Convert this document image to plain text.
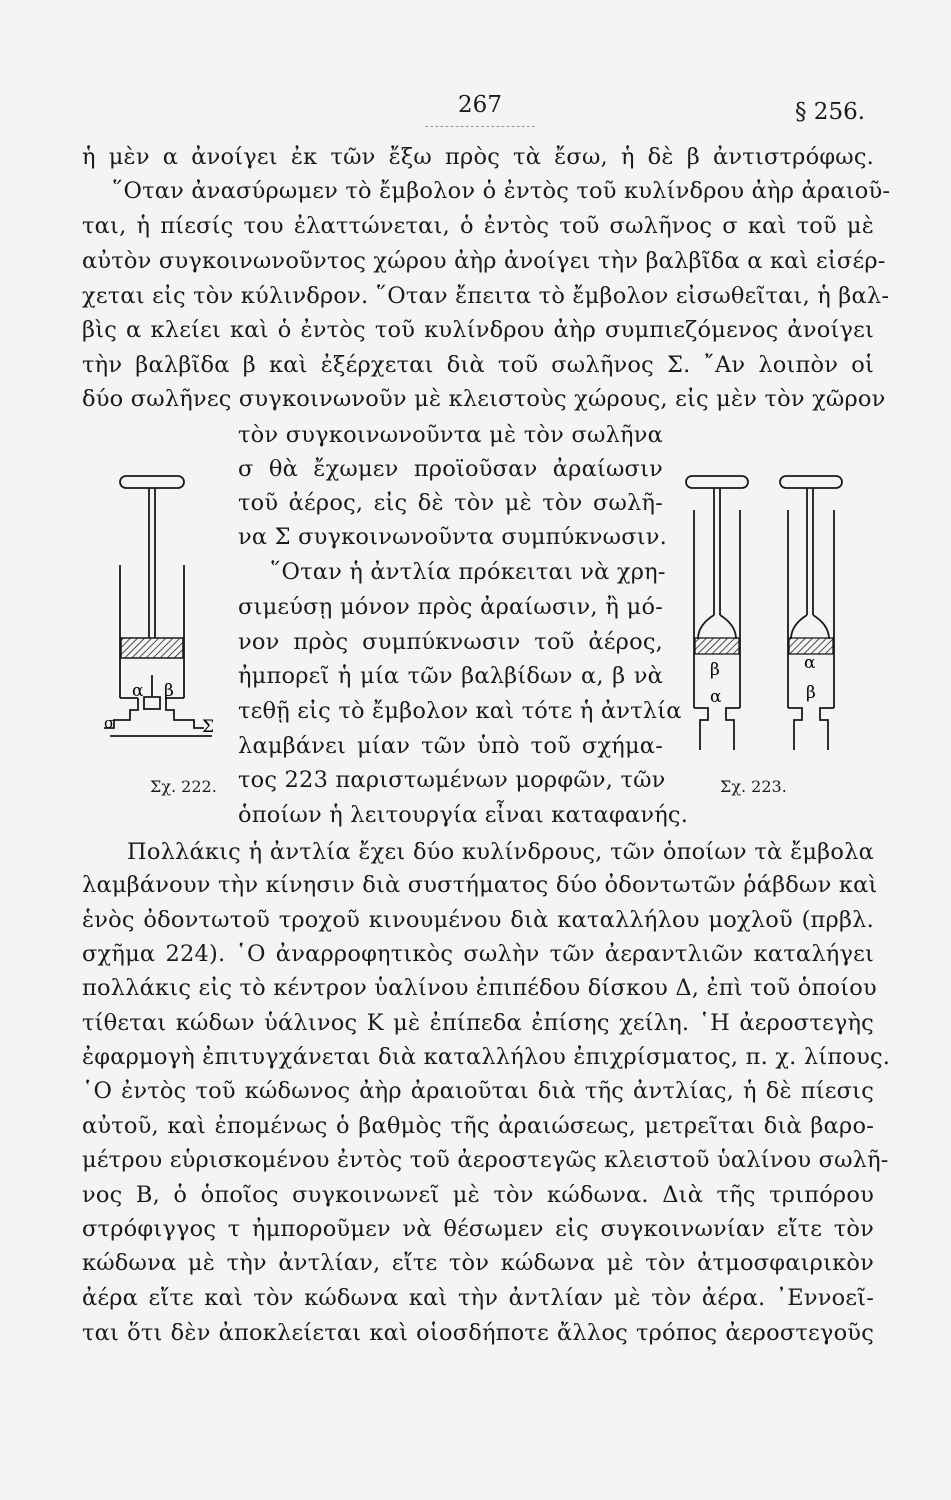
267	§ 256.
ἡ μὲν α ἀνοίγει ἐκ τῶν ἔξω πρὸς τὰ ἔσω, ἡ δὲ β ἀντιστρόφως.
῞Οταν ἀνασύρωμεν τὸ ἔμβολον ὁ ἐντὸς τοῦ κυλίνδρου ἀὴρ ἀραιοῦ-
ται, ἡ πίεσίς του ἐλαττώνεται, ὁ ἐντὸς τοῦ σωλῆνος σ καὶ τοῦ μὲ
αὐτὸν συγκοινωνοῦντος χώρου ἀὴρ ἀνοίγει τὴν βαλβῖδα α καὶ εἰσέρ-
χεται εἰς τὸν κύλινδρον. ῞Οταν ἔπειτα τὸ ἔμβολον εἰσωθεῖται, ἡ βαλ-
βὶς α κλείει καὶ ὁ ἐντὸς τοῦ κυλίνδρου ἀὴρ συμπιεζόμενος ἀνοίγει
τὴν βαλβῖδα β καὶ ἐξέρχεται διὰ τοῦ σωλῆνος Σ. ῎Αν λοιπὸν οἱ
δύο σωλῆνες συγκοινωνοῦν μὲ κλειστοὺς χώρους, εἰς μὲν τὸν χῶρον
τὸν συγκοινωνοῦντα μὲ τὸν σωλῆνα
σ θὰ ἔχωμεν προϊοῦσαν ἀραίωσιν
τοῦ ἀέρος, εἰς δὲ τὸν μὲ τὸν σωλῆ-
να Σ συγκοινωνοῦντα συμπύκνωσιν.
῞Οταν ἡ ἀντλία πρόκειται νὰ χρη-
σιμεύσῃ μόνον πρὸς ἀραίωσιν, ἢ μό-
νον πρὸς συμπύκνωσιν τοῦ ἀέρος,
ἠμπορεῖ ἡ μία τῶν βαλβίδων α, β νὰ
τεθῇ εἰς τὸ ἔμβολον καὶ τότε ἡ ἀντλία
λαμβάνει μίαν τῶν ὑπὸ τοῦ σχήμα-
τος 223 παριστωμένων μορφῶν, τῶν
ὁποίων ἡ λειτουργία εἶναι καταφανής.
Πολλάκις ἡ ἀντλία ἔχει δύο κυλίνδρους, τῶν ὁποίων τὰ ἔμβολα
λαμβάνουν τὴν κίνησιν διὰ συστήματος δύο ὀδοντωτῶν ῥάβδων καὶ
ἑνὸς ὀδοντωτοῦ τροχοῦ κινουμένου διὰ καταλλήλου μοχλοῦ (πρβλ.
σχῆμα 224). ῾Ο ἀναρροφητικὸς σωλὴν τῶν ἀεραντλιῶν καταλήγει
πολλάκις εἰς τὸ κέντρον ὑαλίνου ἐπιπέδου δίσκου Δ, ἐπὶ τοῦ ὁποίου
τίθεται κώδων ὑάλινος Κ μὲ ἐπίπεδα ἐπίσης χείλη. ῾Η ἀεροστεγὴς
ἐφαρμογὴ ἐπιτυγχάνεται διὰ καταλλήλου ἐπιχρίσματος, π. χ. λίπους.
῾Ο ἐντὸς τοῦ κώδωνος ἀὴρ ἀραιοῦται διὰ τῆς ἀντλίας, ἡ δὲ πίεσις
αὐτοῦ, καὶ ἐπομένως ὁ βαθμὸς τῆς ἀραιώσεως, μετρεῖται διὰ βαρο-
μέτρου εὑρισκομένου ἐντὸς τοῦ ἀεροστεγῶς κλειστοῦ ὑαλίνου σωλῆ-
νος Β, ὁ ὁποῖος συγκοινωνεῖ μὲ τὸν κώδωνα. Διὰ τῆς τριπόρου
στρόφιγγος τ ἠμποροῦμεν νὰ θέσωμεν εἰς συγκοινωνίαν εἴτε τὸν
κώδωνα μὲ τὴν ἀντλίαν, εἴτε τὸν κώδωνα μὲ τὸν ἀτμοσφαιρικὸν
ἀέρα εἴτε καὶ τὸν κώδωνα καὶ τὴν ἀντλίαν μὲ τὸν ἀέρα. ᾿Εννοεῖ-
ται ὅτι δὲν ἀποκλείεται καὶ οἱοσδήποτε ἄλλος τρόπος ἀεροστεγοῦς
α β
σ	Σ
Σχ. 222.
β
α
α
β
Σχ. 223.
